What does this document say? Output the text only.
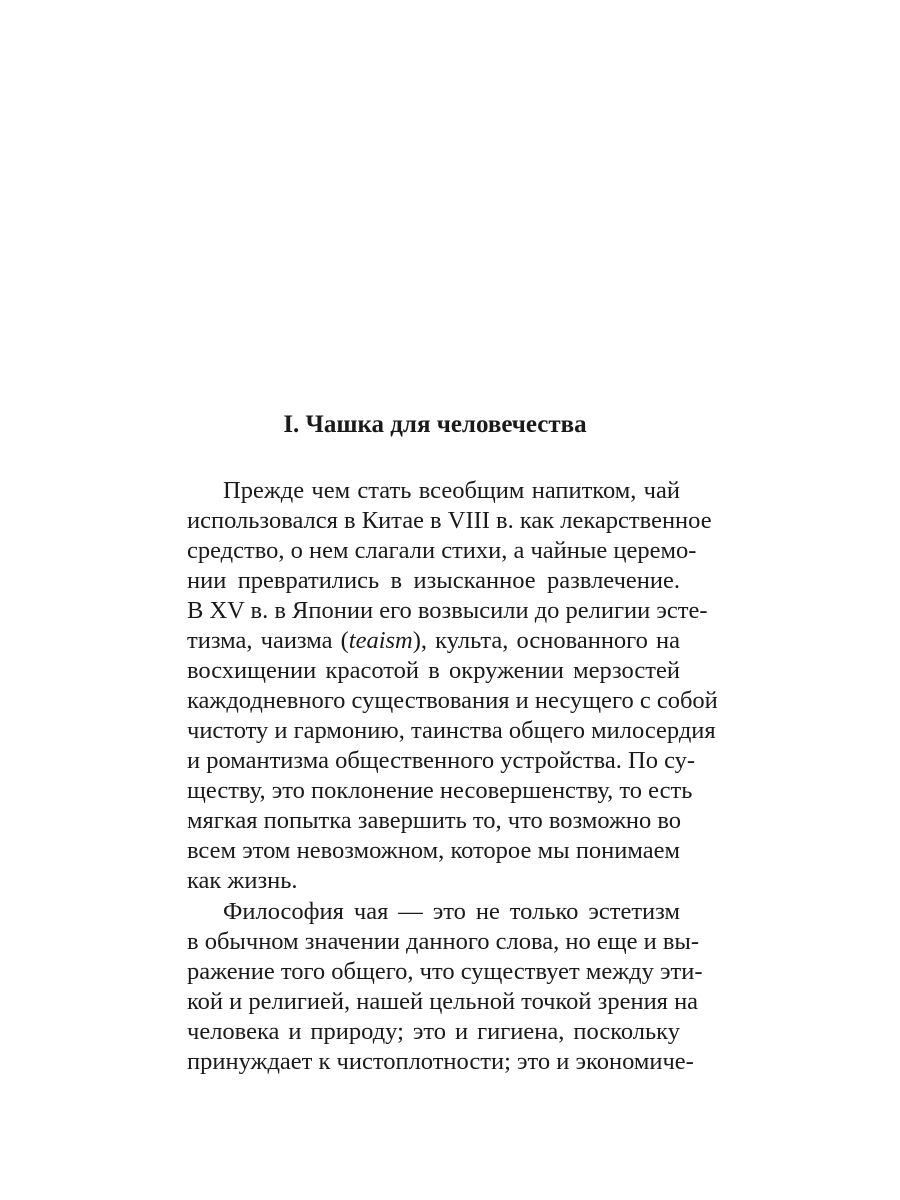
I. Чашка для человечества

Прежде чем стать всеобщим напитком, чай

использовался в Китае в VIII в. как лекарственное

средство, о нем слагали стихи, а чайные церемо-

нии превратились в изысканное развлечение.

В XV в. в Японии его возвысили до религии эсте-

тизма, чаизма (teaism), культа, основанного на

восхищении красотой в окружении мерзостей

каждодневного существования и несущего с собой

чистоту и гармонию, таинства общего милосердия

и романтизма общественного устройства. По су-

ществу, это поклонение несовершенству, то есть

мягкая попытка завершить то, что возможно во

всем этом невозможном, которое мы понимаем

как жизнь.

Философия чая — это не только эстетизм

в обычном значении данного слова, но еще и вы-

ражение того общего, что существует между эти-

кой и религией, нашей цельной точкой зрения на

человека и природу; это и гигиена, поскольку

принуждает к чистоплотности; это и экономиче-
